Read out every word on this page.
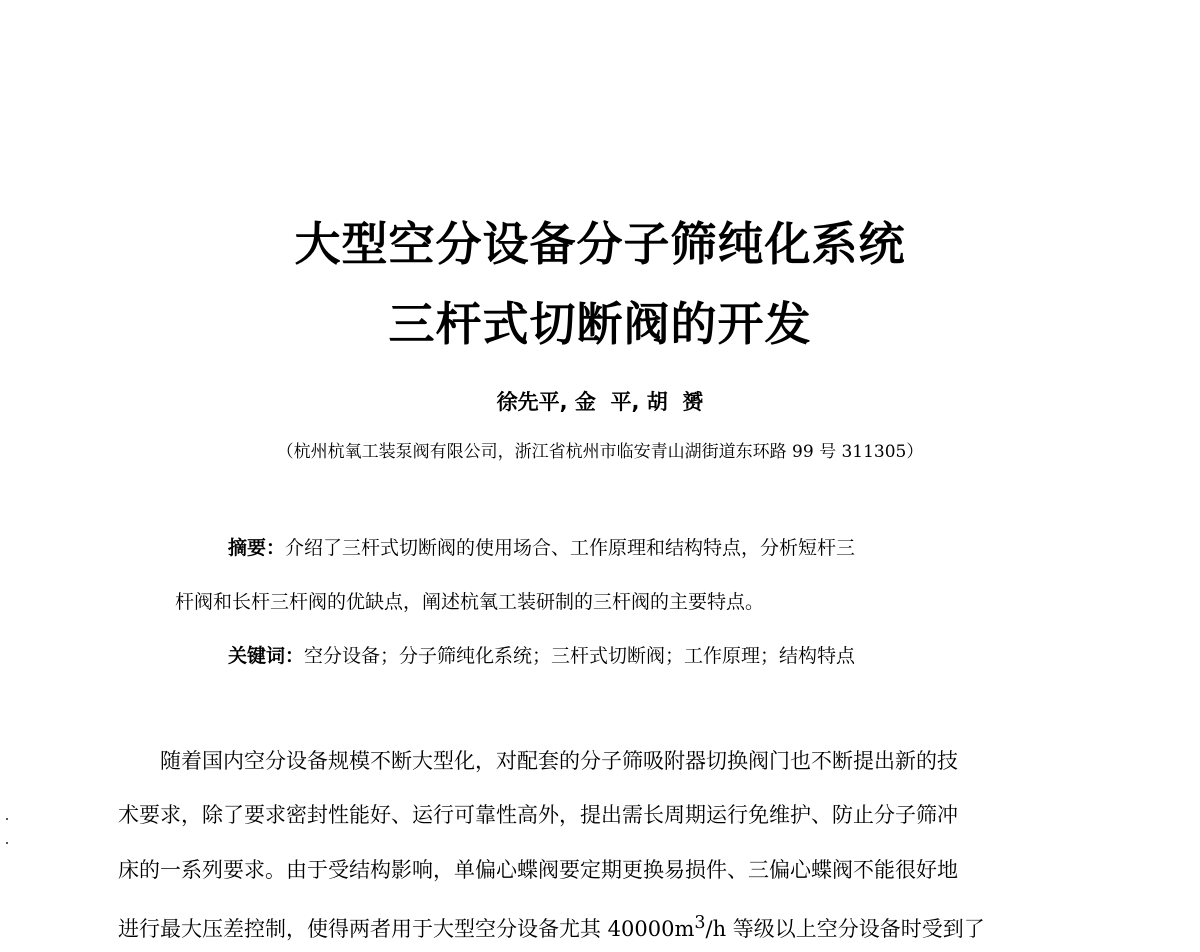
大型空分设备分子筛纯化系统
三杆式切断阀的开发
徐先平, 金  平, 胡  赟
（杭州杭氧工装泵阀有限公司，浙江省杭州市临安青山湖街道东环路 99 号 311305）
摘要：介绍了三杆式切断阀的使用场合、工作原理和结构特点，分析短杆三
杆阀和长杆三杆阀的优缺点，阐述杭氧工装研制的三杆阀的主要特点。
关键词：空分设备；分子筛纯化系统；三杆式切断阀；工作原理；结构特点
随着国内空分设备规模不断大型化，对配套的分子筛吸附器切换阀门也不断提出新的技
术要求，除了要求密封性能好、运行可靠性高外，提出需长周期运行免维护、防止分子筛冲
床的一系列要求。由于受结构影响，单偏心蝶阀要定期更换易损件、三偏心蝶阀不能很好地
进行最大压差控制，使得两者用于大型空分设备尤其 $40000m^3/h$ 等级以上空分设备时受到了
